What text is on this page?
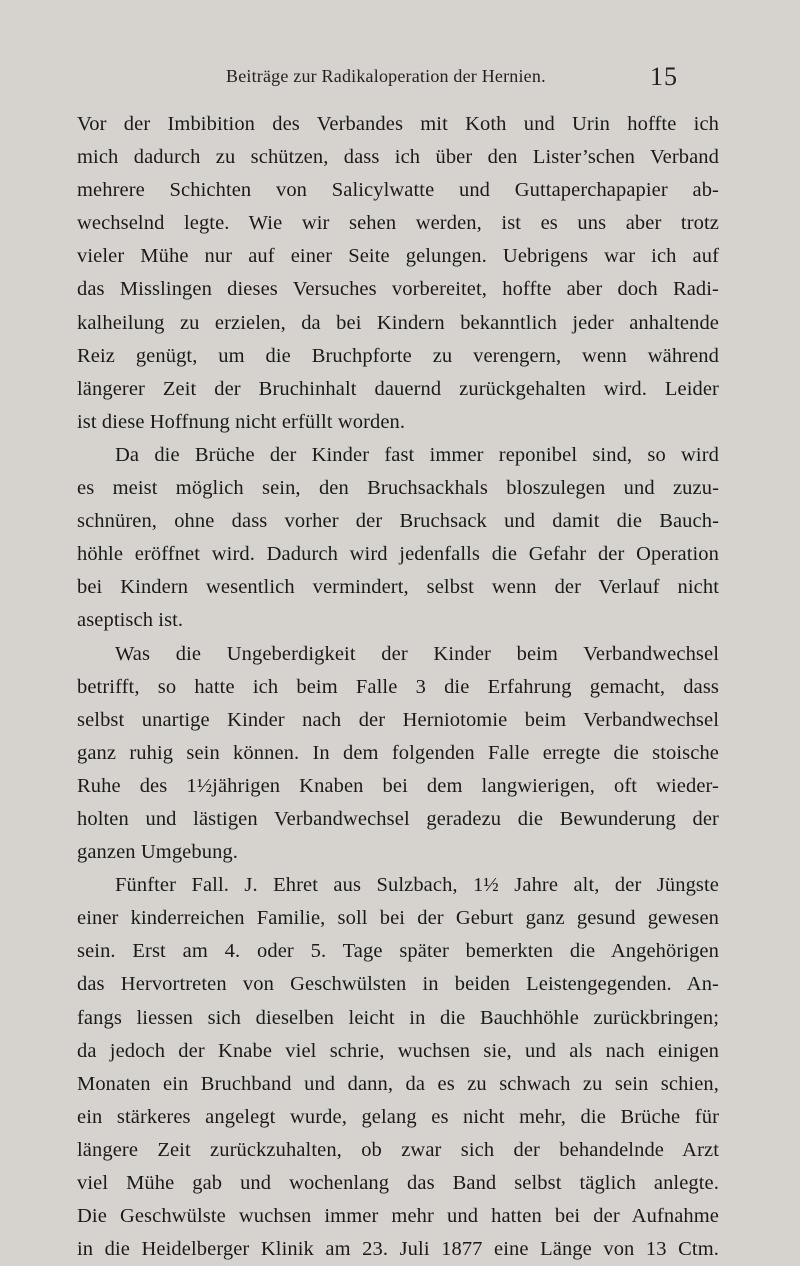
Beiträge zur Radikaloperation der Hernien.	15
Vor der Imbibition des Verbandes mit Koth und Urin hoffte ich
mich dadurch zu schützen, dass ich über den Lister’schen Verband
mehrere Schichten von Salicylwatte und Guttaperchapapier ab-
wechselnd legte. Wie wir sehen werden, ist es uns aber trotz
vieler Mühe nur auf einer Seite gelungen. Uebrigens war ich auf
das Misslingen dieses Versuches vorbereitet, hoffte aber doch Radi-
kalheilung zu erzielen, da bei Kindern bekanntlich jeder anhaltende
Reiz genügt, um die Bruchpforte zu verengern, wenn während
längerer Zeit der Bruchinhalt dauernd zurückgehalten wird. Leider
ist diese Hoffnung nicht erfüllt worden.
Da die Brüche der Kinder fast immer reponibel sind, so wird
es meist möglich sein, den Bruchsackhals bloszulegen und zuzu-
schnüren, ohne dass vorher der Bruchsack und damit die Bauch-
höhle eröffnet wird. Dadurch wird jedenfalls die Gefahr der Operation
bei Kindern wesentlich vermindert, selbst wenn der Verlauf nicht
aseptisch ist.
Was die Ungeberdigkeit der Kinder beim Verbandwechsel
betrifft, so hatte ich beim Falle 3 die Erfahrung gemacht, dass
selbst unartige Kinder nach der Herniotomie beim Verbandwechsel
ganz ruhig sein können. In dem folgenden Falle erregte die stoische
Ruhe des 1½jährigen Knaben bei dem langwierigen, oft wieder-
holten und lästigen Verbandwechsel geradezu die Bewunderung der
ganzen Umgebung.
Fünfter Fall. J. Ehret aus Sulzbach, 1½ Jahre alt, der Jüngste
einer kinderreichen Familie, soll bei der Geburt ganz gesund gewesen
sein. Erst am 4. oder 5. Tage später bemerkten die Angehörigen
das Hervortreten von Geschwülsten in beiden Leistengegenden. An-
fangs liessen sich dieselben leicht in die Bauchhöhle zurückbringen;
da jedoch der Knabe viel schrie, wuchsen sie, und als nach einigen
Monaten ein Bruchband und dann, da es zu schwach zu sein schien,
ein stärkeres angelegt wurde, gelang es nicht mehr, die Brüche für
längere Zeit zurückzuhalten, ob zwar sich der behandelnde Arzt
viel Mühe gab und wochenlang das Band selbst täglich anlegte.
Die Geschwülste wuchsen immer mehr und hatten bei der Aufnahme
in die Heidelberger Klinik am 23. Juli 1877 eine Länge von 13 Ctm.
